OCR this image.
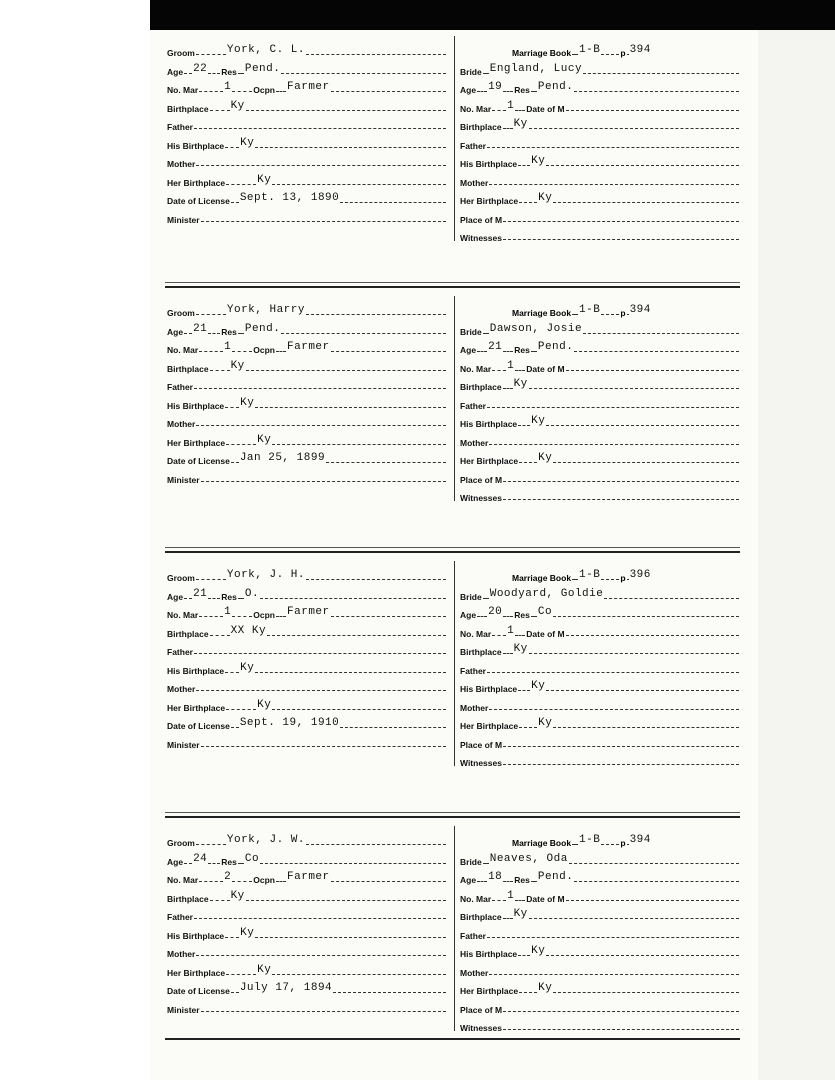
Groom	York, C. L.
Age 22 Res Pend.
No. Mar 1	Ocpn Farmer
Birthplace Ky
Father
His Birthplace Ky
Mother
Her Birthplace	Ky
Date of License Sept. 13, 1890
Minister
Marriage Book 1-B p 394
Bride England, Lucy
Age 19 Res Pend.
No. Mar 1 Date of M
Birthplace Ky
Father
His Birthplace Ky
Mother
Her Birthplace Ky
Place of M
Witnesses
Groom	York, Harry
Age 21 Res Pend.
No. Mar 1	Ocpn Farmer
Birthplace Ky
Father
His Birthplace Ky
Mother
Her Birthplace	Ky
Date of License Jan 25, 1899
Minister
Marriage Book 1-B p 394
Bride Dawson, Josie
Age 21 Res Pend.
No. Mar 1 Date of M
Birthplace Ky
Father
His Birthplace Ky
Mother
Her Birthplace Ky
Place of M
Witnesses
Groom	York, J. H.
Age 21 Res O.
No. Mar 1	Ocpn Farmer
Birthplace XX Ky
Father
His Birthplace Ky
Mother
Her Birthplace	Ky
Date of License Sept. 19, 1910
Minister
Marriage Book 1-B p 396
Bride Woodyard, Goldie
Age 20 Res Co
No. Mar 1 Date of M
Birthplace Ky
Father
His Birthplace Ky
Mother
Her Birthplace Ky
Place of M
Witnesses
Groom	York, J. W.
Age 24 Res Co
No. Mar 2	Ocpn Farmer
Birthplace Ky
Father
His Birthplace Ky
Mother
Her Birthplace	Ky
Date of License July 17, 1894
Minister
Marriage Book 1-B p 394
Bride Neaves, Oda
Age 18 Res Pend.
No. Mar 1 Date of M
Birthplace Ky
Father
His Birthplace Ky
Mother
Her Birthplace Ky
Place of M
Witnesses
